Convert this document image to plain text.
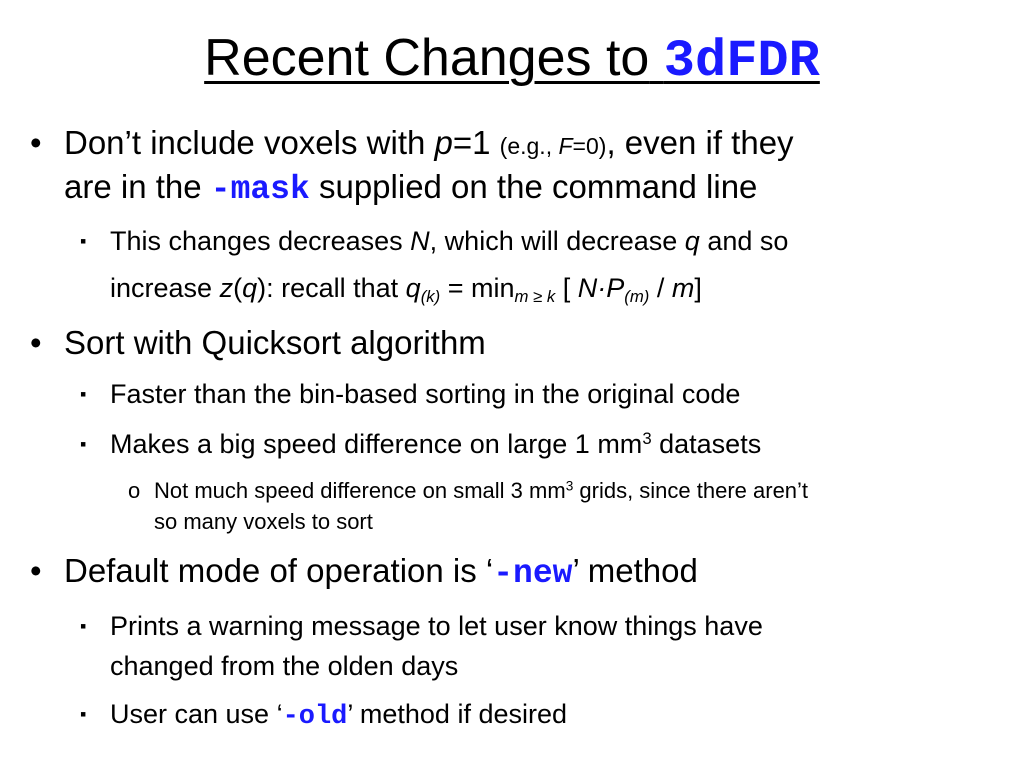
Recent Changes to 3dFDR
• Don’t include voxels with p=1 (e.g., F=0), even if they
are in the -mask supplied on the command line
▪ This changes decreases N, which will decrease q and so
increase z(q): recall that $q_{(k)} = \min_{m \ge k}$ [ $N\cdot P_{(m)} / m$]
• Sort with Quicksort algorithm
▪ Faster than the bin-based sorting in the original code
▪ Makes a big speed difference on large 1 $mm^3$ datasets
o Not much speed difference on small 3 $mm^3$ grids, since there aren’t
so many voxels to sort
• Default mode of operation is ‘-new’ method
▪ Prints a warning message to let user know things have
changed from the olden days
▪ User can use ‘-old’ method if desired
